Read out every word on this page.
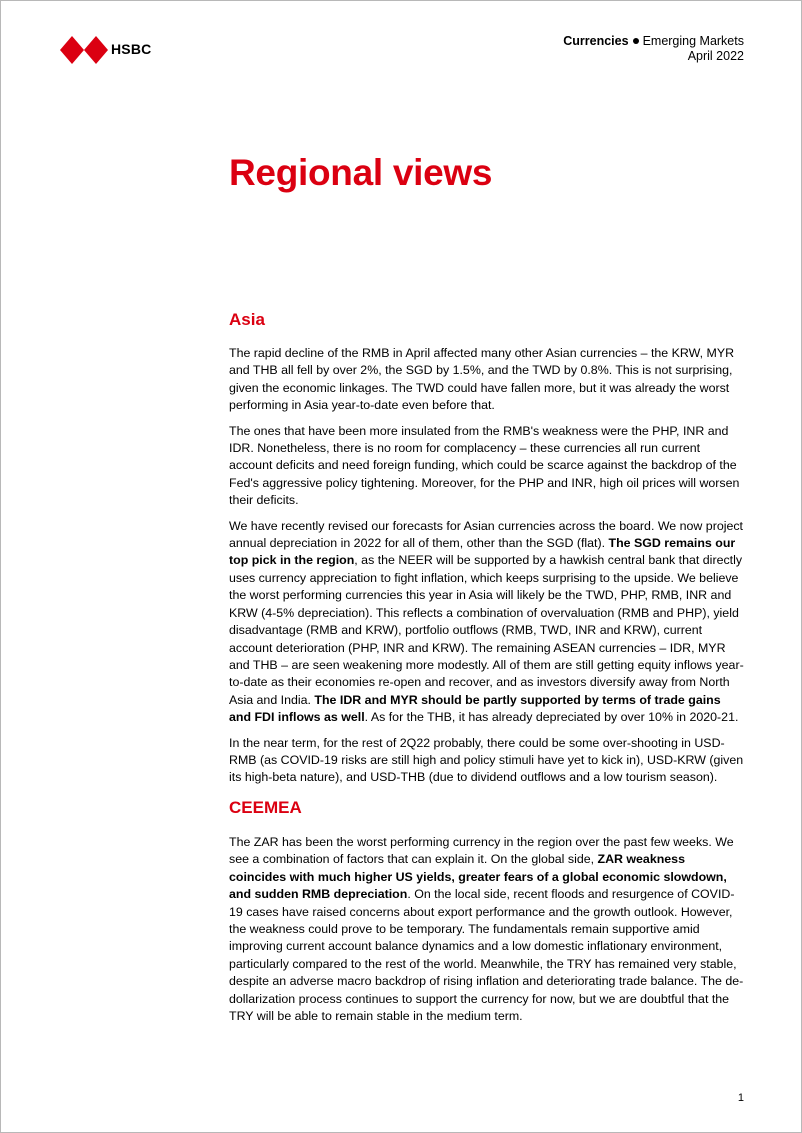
HSBC	Currencies Emerging Markets
April 2022
Regional views
Asia

The rapid decline of the RMB in April affected many other Asian currencies – the KRW, MYR and THB all fell by over 2%, the SGD by 1.5%, and the TWD by 0.8%. This is not surprising, given the economic linkages. The TWD could have fallen more, but it was already the worst performing in Asia year-to-date even before that.

The ones that have been more insulated from the RMB's weakness were the PHP, INR and IDR. Nonetheless, there is no room for complacency – these currencies all run current account deficits and need foreign funding, which could be scarce against the backdrop of the Fed's aggressive policy tightening. Moreover, for the PHP and INR, high oil prices will worsen their deficits.

We have recently revised our forecasts for Asian currencies across the board. We now project annual depreciation in 2022 for all of them, other than the SGD (flat). The SGD remains our top pick in the region, as the NEER will be supported by a hawkish central bank that directly uses currency appreciation to fight inflation, which keeps surprising to the upside. We believe the worst performing currencies this year in Asia will likely be the TWD, PHP, RMB, INR and KRW (4-5% depreciation). This reflects a combination of overvaluation (RMB and PHP), yield disadvantage (RMB and KRW), portfolio outflows (RMB, TWD, INR and KRW), current account deterioration (PHP, INR and KRW). The remaining ASEAN currencies – IDR, MYR and THB – are seen weakening more modestly. All of them are still getting equity inflows year-to-date as their economies re-open and recover, and as investors diversify away from North Asia and India. The IDR and MYR should be partly supported by terms of trade gains and FDI inflows as well. As for the THB, it has already depreciated by over 10% in 2020-21.

In the near term, for the rest of 2Q22 probably, there could be some over-shooting in USD-RMB (as COVID-19 risks are still high and policy stimuli have yet to kick in), USD-KRW (given its high-beta nature), and USD-THB (due to dividend outflows and a low tourism season).

CEEMEA

The ZAR has been the worst performing currency in the region over the past few weeks. We see a combination of factors that can explain it. On the global side, ZAR weakness coincides with much higher US yields, greater fears of a global economic slowdown, and sudden RMB depreciation. On the local side, recent floods and resurgence of COVID-19 cases have raised concerns about export performance and the growth outlook. However, the weakness could prove to be temporary. The fundamentals remain supportive amid improving current account balance dynamics and a low domestic inflationary environment, particularly compared to the rest of the world. Meanwhile, the TRY has remained very stable, despite an adverse macro backdrop of rising inflation and deteriorating trade balance. The de-dollarization process continues to support the currency for now, but we are doubtful that the TRY will be able to remain stable in the medium term.

1
